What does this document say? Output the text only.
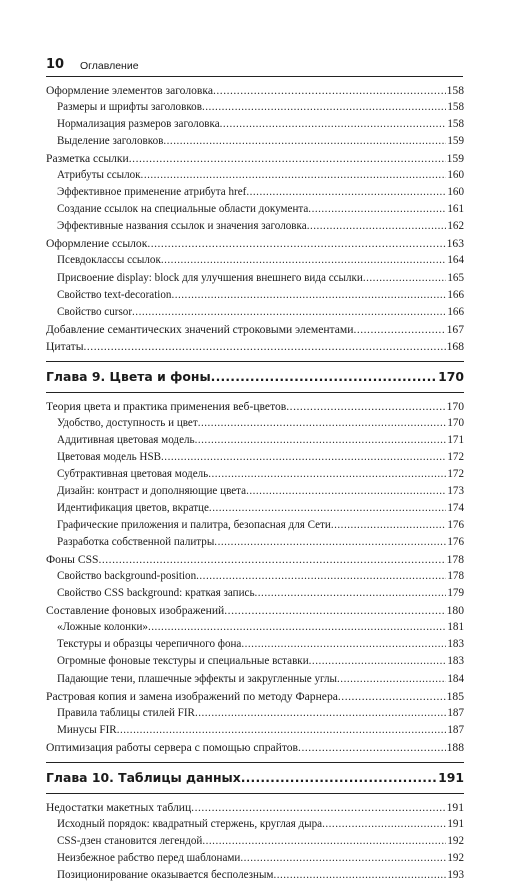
10 Оглавление
Оформление элементов заголовка .....	158
Размеры и шрифты заголовков .....	158
Нормализация размеров заголовка .....	158
Выделение заголовков .....	159
Разметка ссылки .....	159
Атрибуты ссылок .....	160
Эффективное применение атрибута href .....	160
Создание ссылок на специальные области документа .....	161
Эффективные названия ссылок и значения заголовка .....	162
Оформление ссылок .....	163
Псевдоклассы ссылок .....	164
Присвоение display: block для улучшения внешнего вида ссылки .....	165
Свойство text-decoration .....	166
Свойство cursor .....	166
Добавление семантических значений строковыми элементами .....	167
Цитаты .....	168
Глава 9. Цвета и фоны .....	170
Теория цвета и практика применения веб-цветов .....	170
Удобство, доступность и цвет .....	170
Аддитивная цветовая модель .....	171
Цветовая модель HSB .....	172
Субтрактивная цветовая модель .....	172
Дизайн: контраст и дополняющие цвета .....	173
Идентификация цветов, вкратце .....	174
Графические приложения и палитра, безопасная для Сети .....	176
Разработка собственной палитры .....	176
Фоны CSS .....	178
Свойство background-position .....	178
Свойство CSS background: краткая запись .....	179
Составление фоновых изображений .....	180
«Ложные колонки» .....	181
Текстуры и образцы черепичного фона .....	183
Огромные фоновые текстуры и специальные вставки .....	183
Падающие тени, плашечные эффекты и закругленные углы .....	184
Растровая копия и замена изображений по методу Фарнера .....	185
Правила таблицы стилей FIR .....	187
Минусы FIR .....	187
Оптимизация работы сервера с помощью спрайтов .....	188
Глава 10. Таблицы данных .....	191
Недостатки макетных таблиц .....	191
Исходный порядок: квадратный стержень, круглая дыра .....	191
CSS-дзен становится легендой .....	192
Неизбежное рабство перед шаблонами .....	192
Позиционирование оказывается бесполезным .....	193
